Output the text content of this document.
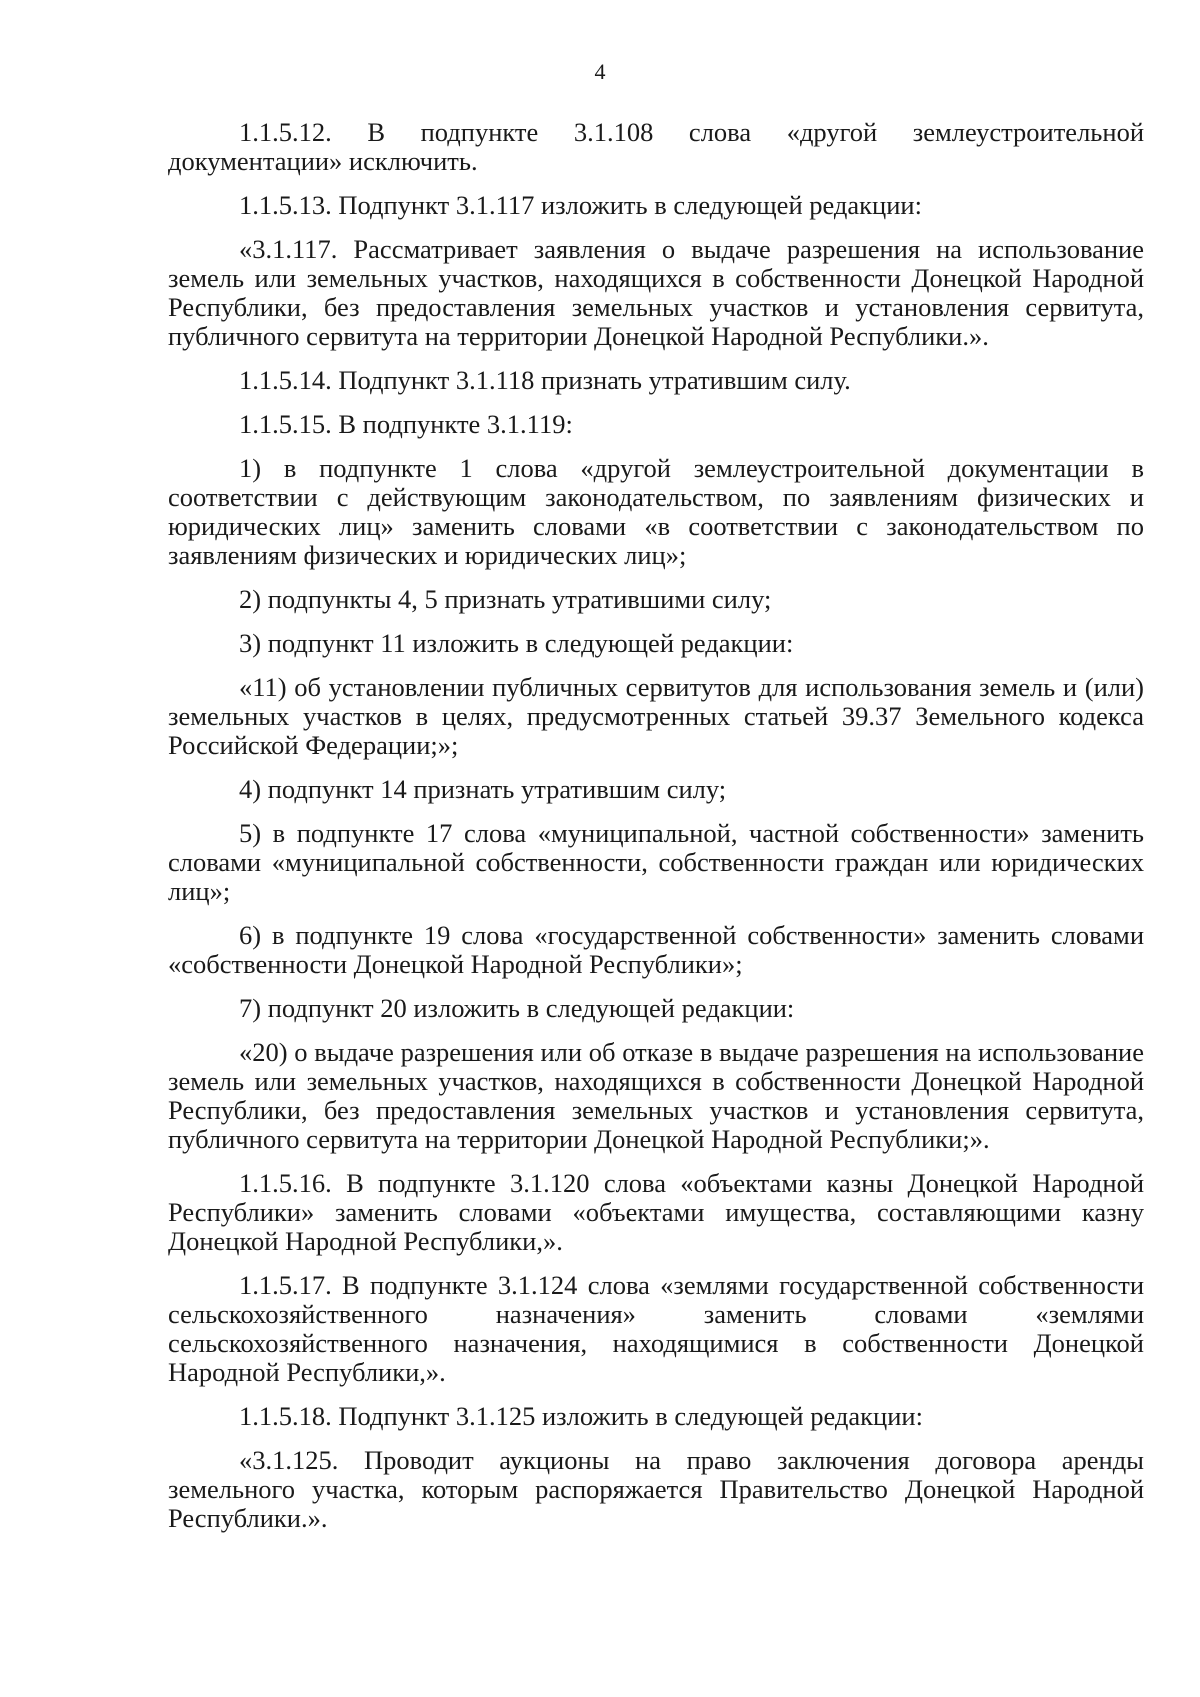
4

1.1.5.12. В подпункте 3.1.108 слова «другой землеустроительной документации» исключить.

1.1.5.13. Подпункт 3.1.117 изложить в следующей редакции:

«3.1.117. Рассматривает заявления о выдаче разрешения на использование земель или земельных участков, находящихся в собственности Донецкой Народной Республики, без предоставления земельных участков и установления сервитута, публичного сервитута на территории Донецкой Народной Республики.».

1.1.5.14. Подпункт 3.1.118 признать утратившим силу.

1.1.5.15. В подпункте 3.1.119:

1) в подпункте 1 слова «другой землеустроительной документации в соответствии с действующим законодательством, по заявлениям физических и юридических лиц» заменить словами «в соответствии с законодательством по заявлениям физических и юридических лиц»;

2) подпункты 4, 5 признать утратившими силу;

3) подпункт 11 изложить в следующей редакции:

«11) об установлении публичных сервитутов для использования земель и (или) земельных участков в целях, предусмотренных статьей 39.37 Земельного кодекса Российской Федерации;»;

4) подпункт 14 признать утратившим силу;

5) в подпункте 17 слова «муниципальной, частной собственности» заменить словами «муниципальной собственности, собственности граждан или юридических лиц»;

6) в подпункте 19 слова «государственной собственности» заменить словами «собственности Донецкой Народной Республики»;

7) подпункт 20 изложить в следующей редакции:

«20) о выдаче разрешения или об отказе в выдаче разрешения на использование земель или земельных участков, находящихся в собственности Донецкой Народной Республики, без предоставления земельных участков и установления сервитута, публичного сервитута на территории Донецкой Народной Республики;».

1.1.5.16. В подпункте 3.1.120 слова «объектами казны Донецкой Народной Республики» заменить словами «объектами имущества, составляющими казну Донецкой Народной Республики,».

1.1.5.17. В подпункте 3.1.124 слова «землями государственной собственности сельскохозяйственного назначения» заменить словами «землями сельскохозяйственного назначения, находящимися в собственности Донецкой Народной Республики,».

1.1.5.18. Подпункт 3.1.125 изложить в следующей редакции:

«3.1.125. Проводит аукционы на право заключения договора аренды земельного участка, которым распоряжается Правительство Донецкой Народной Республики.».
